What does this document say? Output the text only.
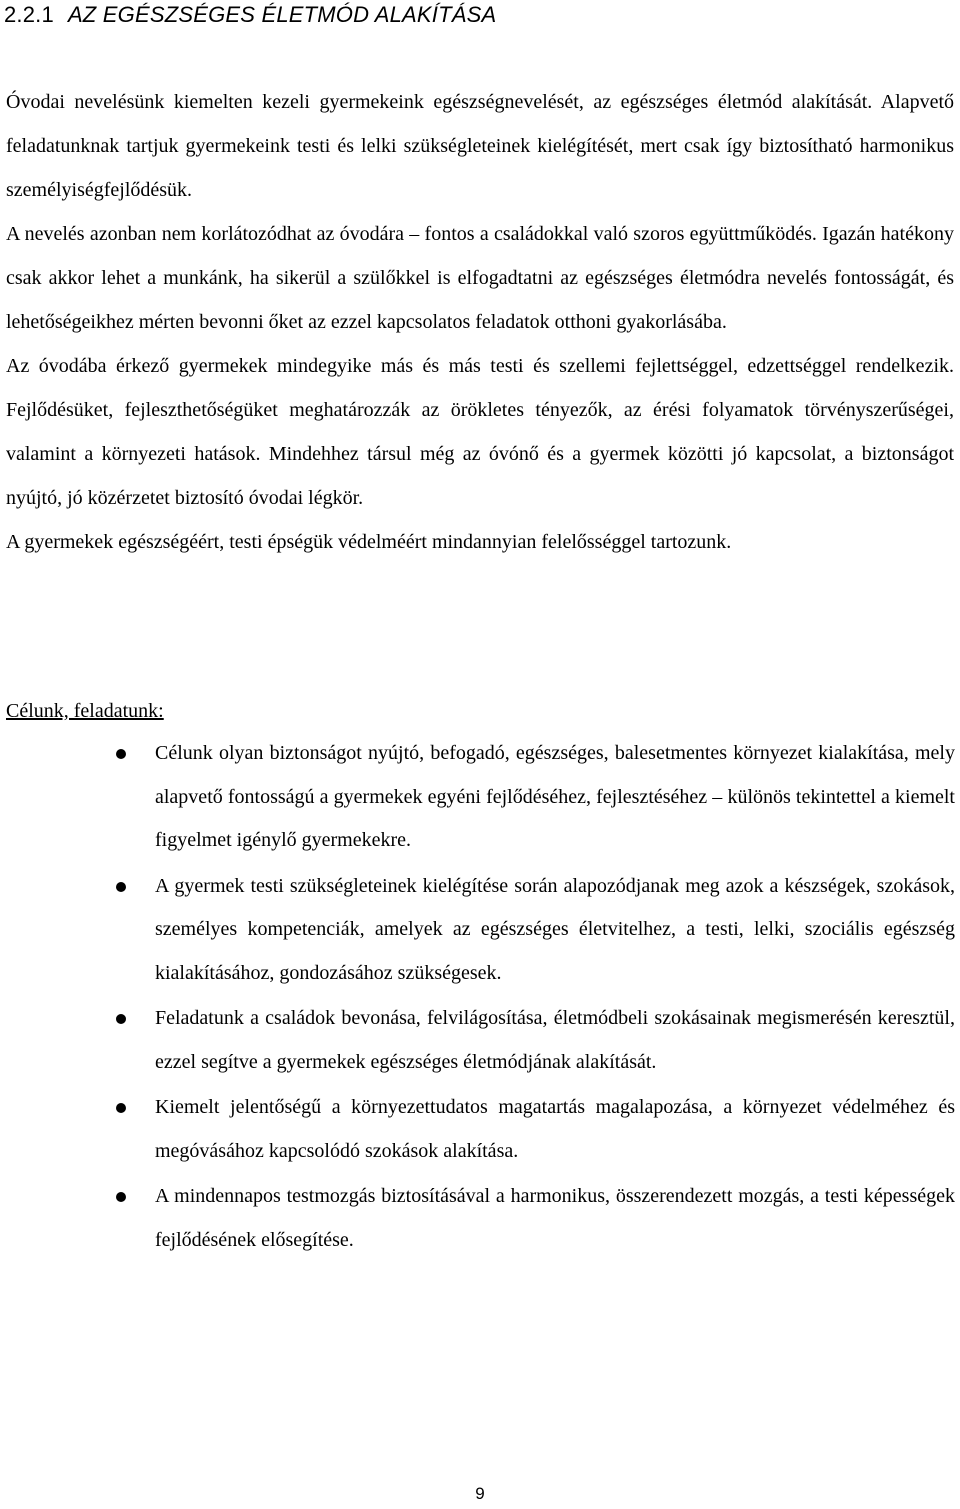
2.2.1 AZ EGÉSZSÉGES ÉLETMÓD ALAKÍTÁSA

Óvodai nevelésünk kiemelten kezeli gyermekeink egészségnevelését, az egészséges életmód alakítását. Alapvető feladatunknak tartjuk gyermekeink testi és lelki szükségleteinek kielégítését, mert csak így biztosítható harmonikus személyiségfejlődésük.

A nevelés azonban nem korlátozódhat az óvodára – fontos a családokkal való szoros együttműködés. Igazán hatékony csak akkor lehet a munkánk, ha sikerül a szülőkkel is elfogadtatni az egészséges életmódra nevelés fontosságát, és lehetőségeikhez mérten bevonni őket az ezzel kapcsolatos feladatok otthoni gyakorlásába.

Az óvodába érkező gyermekek mindegyike más és más testi és szellemi fejlettséggel, edzettséggel rendelkezik. Fejlődésüket, fejleszthetőségüket meghatározzák az örökletes tényezők, az érési folyamatok törvényszerűségei, valamint a környezeti hatások. Mindehhez társul még az óvónő és a gyermek közötti jó kapcsolat, a biztonságot nyújtó, jó közérzetet biztosító óvodai légkör.

A gyermekek egészségéért, testi épségük védelméért mindannyian felelősséggel tartozunk.

Célunk, feladatunk:
Célunk olyan biztonságot nyújtó, befogadó, egészséges, balesetmentes környezet kialakítása, mely alapvető fontosságú a gyermekek egyéni fejlődéséhez, fejlesztéséhez – különös tekintettel a kiemelt figyelmet igénylő gyermekekre.
A gyermek testi szükségleteinek kielégítése során alapozódjanak meg azok a készségek, szokások, személyes kompetenciák, amelyek az egészséges életvitelhez, a testi, lelki, szociális egészség kialakításához, gondozásához szükségesek.
Feladatunk a családok bevonása, felvilágosítása, életmódbeli szokásainak megismerésén keresztül, ezzel segítve a gyermekek egészséges életmódjának alakítását.
Kiemelt jelentőségű a környezettudatos magatartás magalapozása, a környezet védelméhez és megóvásához kapcsolódó szokások alakítása.
A mindennapos testmozgás biztosításával a harmonikus, összerendezett mozgás, a testi képességek fejlődésének elősegítése.
9
